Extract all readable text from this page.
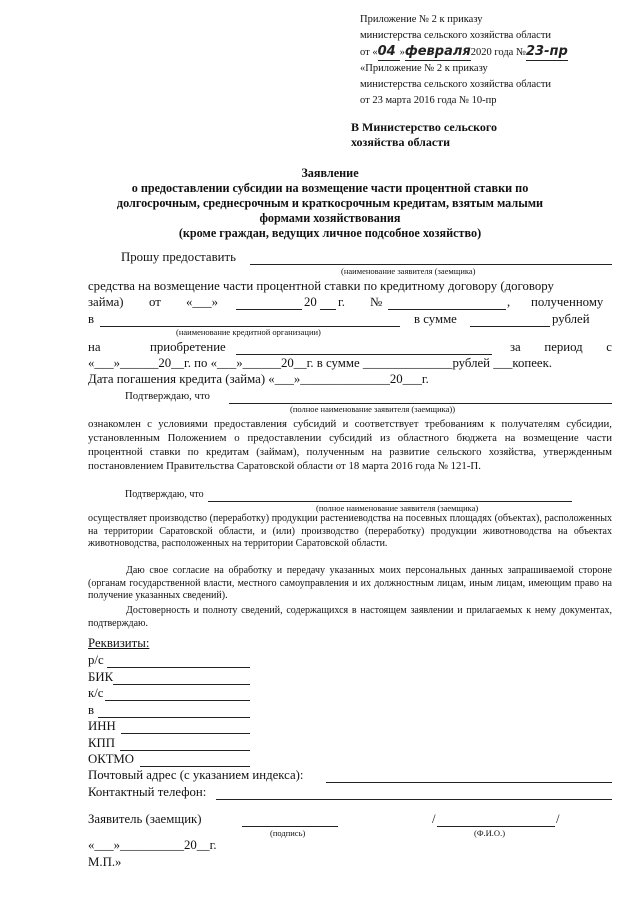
Приложение № 2 к приказу
министерства сельского хозяйства области
от «04 »февраля2020 года №23-пр
«Приложение № 2 к приказу
министерства сельского хозяйства области
от 23 марта 2016 года № 10-пр
В Министерство сельского
хозяйства области
Заявление
о предоставлении субсидии на возмещение части процентной ставки по
долгосрочным, среднесрочным и краткосрочным кредитам, взятым малыми
формами хозяйствования
(кроме граждан, ведущих личное подсобное хозяйство)
Прошу предоставить
(наименование заявителя (заемщика)
средства на возмещение части процентной ставки по кредитному договору (договору
займа) от «___»	20 г. №	, полученному
в	в сумме	рублей
(наименование кредитной организации)
на	приобретение	за период с
«___»______20__г. по «___»______20__г. в сумме ______________рублей ___копеек.
Дата погашения кредита (займа) «___»______________20___г.
Подтверждаю, что
(полное наименование заявителя (заемщика))
ознакомлен с условиями предоставления субсидий и соответствует требованиям к получателям субсидии, установленным Положением о предоставлении субсидий из областного бюджета на возмещение части процентной ставки по кредитам (займам), полученным на развитие сельского хозяйства, утвержденным постановлением Правительства Саратовской области от 18 марта 2016 года № 121-П.
Подтверждаю, что
(полное наименование заявителя (заемщика)
осуществляет производство (переработку) продукции растениеводства на посевных площадях (объектах), расположенных на территории Саратовской области, и (или) производство (переработку) продукции животноводства на объектах животноводства, расположенных на территории Саратовской области.
Даю свое согласие на обработку и передачу указанных моих персональных данных запрашиваемой стороне (органам государственной власти, местного самоуправления и их должностным лицам, иным лицам, имеющим право на получение указанных сведений).
Достоверность и полноту сведений, содержащихся в настоящем заявлении и прилагаемых к нему документах, подтверждаю.
Реквизиты:
р/с
БИК
к/с
в
ИНН
КПП
ОКТМО
Почтовый адрес (с указанием индекса):
Контактный телефон:
Заявитель (заемщик)
(подпись)
/	/
(Ф.И.О.)
«___»__________20__г.
М.П.»
